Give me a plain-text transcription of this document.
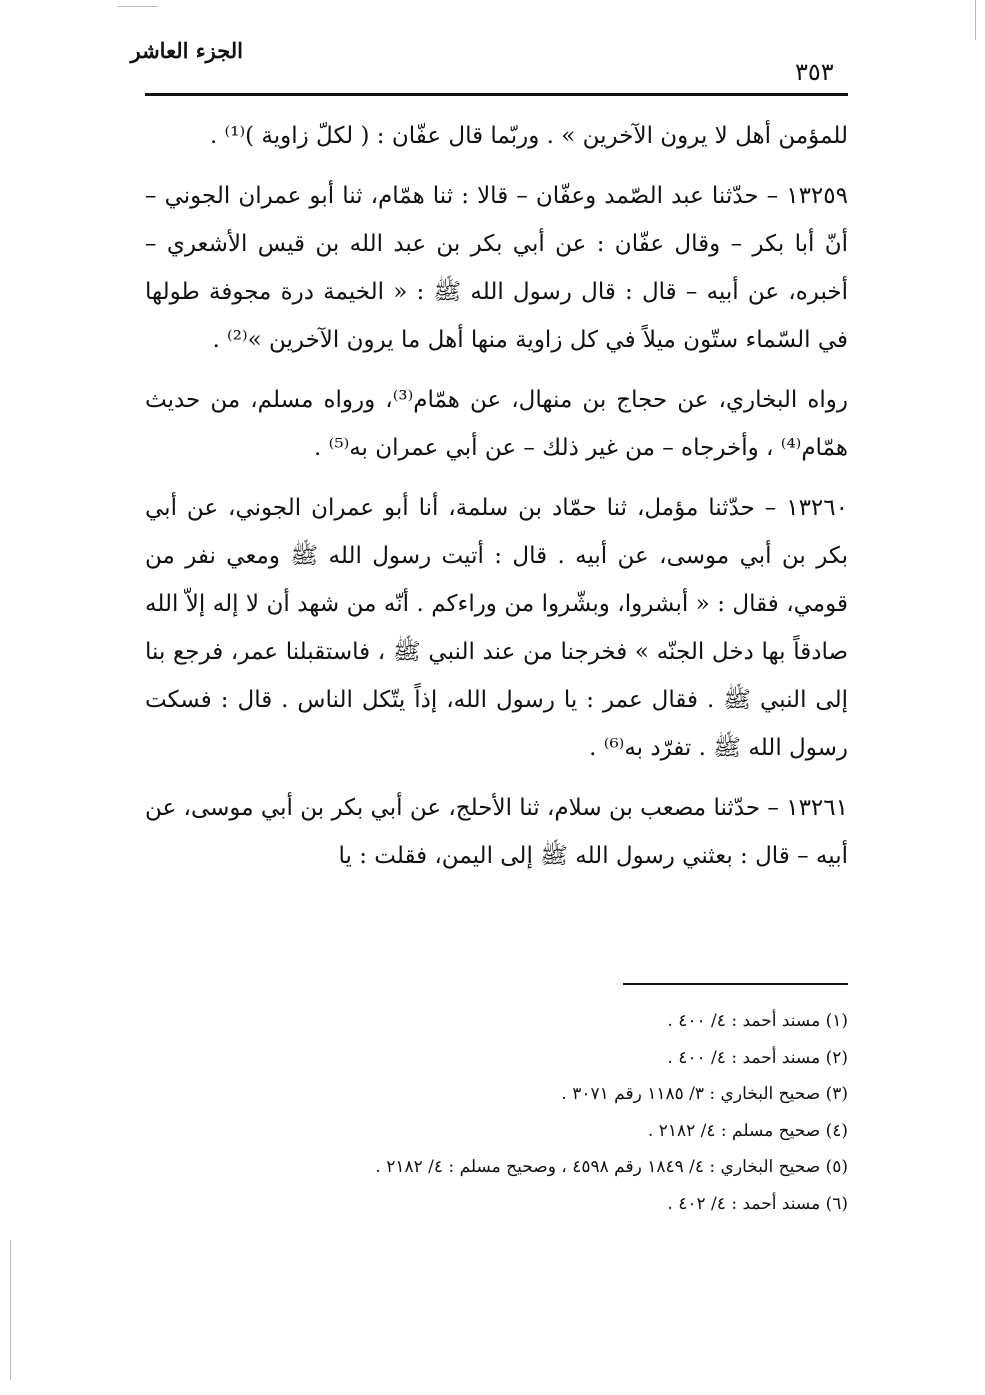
الجزء العاشر
٣٥٣

للمؤمن أهل لا يرون الآخرين » . وربّما قال عفّان : ( لكلّ زاوية )⁽¹⁾ .

١٣٢٥٩ – حدّثنا عبد الصّمد وعفّان – قالا : ثنا همّام، ثنا أبو عمران الجوني – أنّ أبا بكر – وقال عفّان : عن أبي بكر بن عبد الله بن قيس الأشعري – أخبره، عن أبيه – قال : قال رسول الله ﷺ : « الخيمة درة مجوفة طولها في السّماء ستّون ميلاً في كل زاوية منها أهل ما يرون الآخرين »⁽²⁾ .

رواه البخاري، عن حجاج بن منهال، عن همّام⁽³⁾، ورواه مسلم، من حديث همّام⁽⁴⁾ ، وأخرجاه – من غير ذلك – عن أبي عمران به⁽⁵⁾ .

١٣٢٦٠ – حدّثنا مؤمل، ثنا حمّاد بن سلمة، أنا أبو عمران الجوني، عن أبي بكر بن أبي موسى، عن أبيه . قال : أتيت رسول الله ﷺ ومعي نفر من قومي، فقال : « أبشروا، وبشّروا من وراءكم . أنّه من شهد أن لا إله إلاّ الله صادقاً بها دخل الجنّه » فخرجنا من عند النبي ﷺ ، فاستقبلنا عمر، فرجع بنا إلى النبي ﷺ . فقال عمر : يا رسول الله، إذاً يتّكل الناس . قال : فسكت رسول الله ﷺ . تفرّد به⁽⁶⁾ .

١٣٢٦١ – حدّثنا مصعب بن سلام، ثنا الأحلج، عن أبي بكر بن أبي موسى، عن أبيه – قال : بعثني رسول الله ﷺ إلى اليمن، فقلت : يا

(١) مسند أحمد : ٤/ ٤٠٠ .
(٢) مسند أحمد : ٤/ ٤٠٠ .
(٣) صحيح البخاري : ٣/ ١١٨٥ رقم ٣٠٧١ .
(٤) صحيح مسلم : ٤/ ٢١٨٢ .
(٥) صحيح البخاري : ٤/ ١٨٤٩ رقم ٤٥٩٨ ، وصحيح مسلم : ٤/ ٢١٨٢ .
(٦) مسند أحمد : ٤/ ٤٠٢ .
